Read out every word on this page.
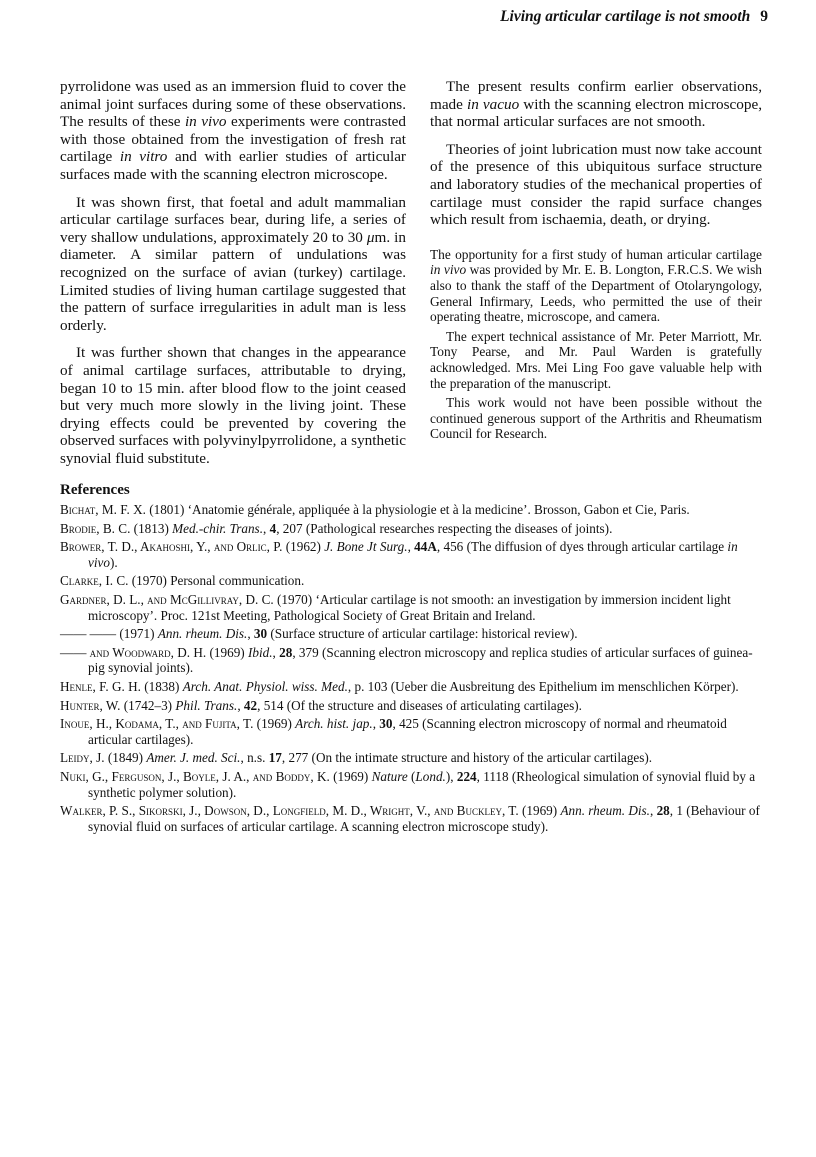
Living articular cartilage is not smooth 9

pyrrolidone was used as an immersion fluid to cover the animal joint surfaces during some of these observations. The results of these in vivo experiments were contrasted with those obtained from the investigation of fresh rat cartilage in vitro and with earlier studies of articular surfaces made with the scanning electron microscope.

It was shown first, that foetal and adult mammalian articular cartilage surfaces bear, during life, a series of very shallow undulations, approximately 20 to 30 μm. in diameter. A similar pattern of undulations was recognized on the surface of avian (turkey) cartilage. Limited studies of living human cartilage suggested that the pattern of surface irregularities in adult man is less orderly.

It was further shown that changes in the appearance of animal cartilage surfaces, attributable to drying, began 10 to 15 min. after blood flow to the joint ceased but very much more slowly in the living joint. These drying effects could be prevented by covering the observed surfaces with polyvinylpyrrolidone, a synthetic synovial fluid substitute.

The present results confirm earlier observations, made in vacuo with the scanning electron microscope, that normal articular surfaces are not smooth.

Theories of joint lubrication must now take account of the presence of this ubiquitous surface structure and laboratory studies of the mechanical properties of cartilage must consider the rapid surface changes which result from ischaemia, death, or drying.

The opportunity for a first study of human articular cartilage in vivo was provided by Mr. E. B. Longton, F.R.C.S. We wish also to thank the staff of the Department of Otolaryngology, General Infirmary, Leeds, who permitted the use of their operating theatre, microscope, and camera.

The expert technical assistance of Mr. Peter Marriott, Mr. Tony Pearse, and Mr. Paul Warden is gratefully acknowledged. Mrs. Mei Ling Foo gave valuable help with the preparation of the manuscript.

This work would not have been possible without the continued generous support of the Arthritis and Rheumatism Council for Research.

References
Bichat, M. F. X. (1801) ‘Anatomie générale, appliquée à la physiologie et à la medicine’. Brosson, Gabon et Cie, Paris.
Brodie, B. C. (1813) Med.-chir. Trans., 4, 207 (Pathological researches respecting the diseases of joints).
Brower, T. D., Akahoshi, Y., and Orlic, P. (1962) J. Bone Jt Surg., 44A, 456 (The diffusion of dyes through articular cartilage in vivo).
Clarke, I. C. (1970) Personal communication.
Gardner, D. L., and McGillivray, D. C. (1970) ‘Articular cartilage is not smooth: an investigation by immersion incident light microscopy’. Proc. 121st Meeting, Pathological Society of Great Britain and Ireland.
—— —— (1971) Ann. rheum. Dis., 30 (Surface structure of articular cartilage: historical review).
—— and Woodward, D. H. (1969) Ibid., 28, 379 (Scanning electron microscopy and replica studies of articular surfaces of guinea-pig synovial joints).
Henle, F. G. H. (1838) Arch. Anat. Physiol. wiss. Med., p. 103 (Ueber die Ausbreitung des Epithelium im menschlichen Körper).
Hunter, W. (1742–3) Phil. Trans., 42, 514 (Of the structure and diseases of articulating cartilages).
Inoue, H., Kodama, T., and Fujita, T. (1969) Arch. hist. jap., 30, 425 (Scanning electron microscopy of normal and rheumatoid articular cartilages).
Leidy, J. (1849) Amer. J. med. Sci., n.s. 17, 277 (On the intimate structure and history of the articular cartilages).
Nuki, G., Ferguson, J., Boyle, J. A., and Boddy, K. (1969) Nature (Lond.), 224, 1118 (Rheological simulation of synovial fluid by a synthetic polymer solution).
Walker, P. S., Sikorski, J., Dowson, D., Longfield, M. D., Wright, V., and Buckley, T. (1969) Ann. rheum. Dis., 28, 1 (Behaviour of synovial fluid on surfaces of articular cartilage. A scanning electron microscope study).
